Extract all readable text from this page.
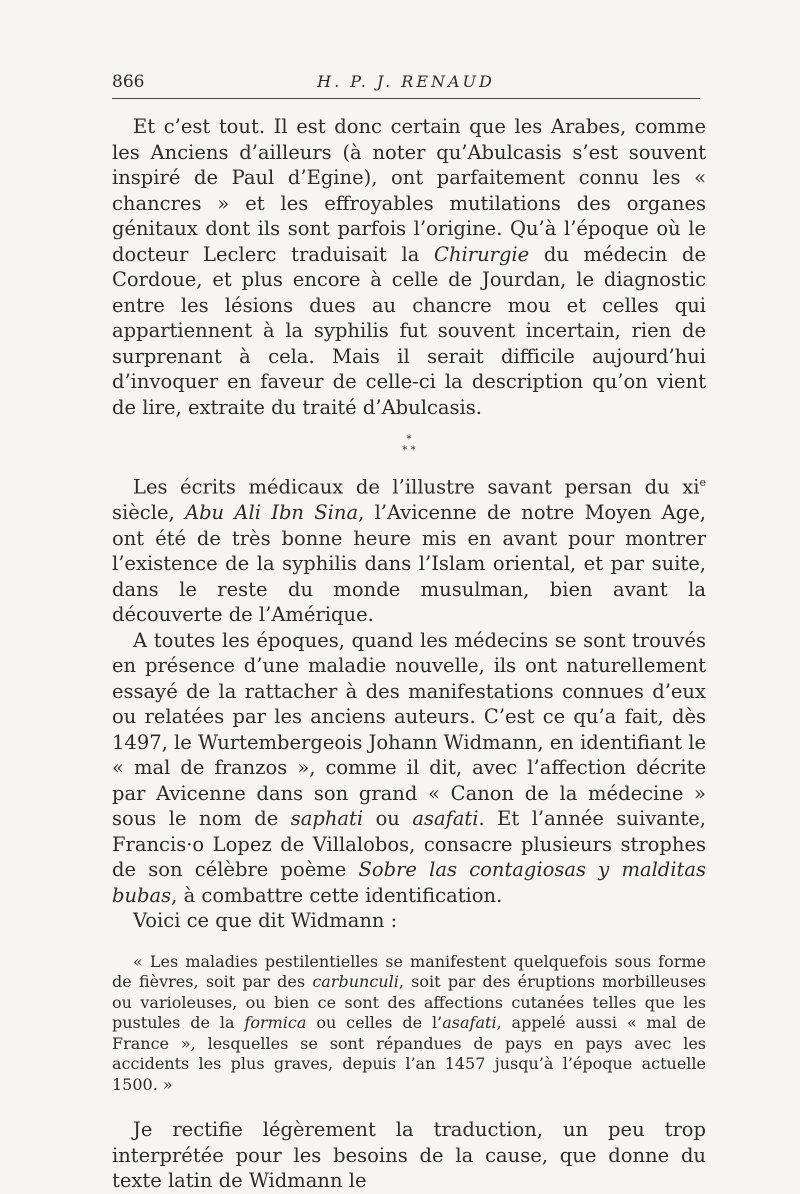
866	H. P. J. RENAUD

Et c’est tout. Il est donc certain que les Arabes, comme les Anciens d’ailleurs (à noter qu’Abulcasis s’est souvent inspiré de Paul d’Egine), ont parfaitement connu les « chancres » et les effroyables mutilations des organes génitaux dont ils sont parfois l’origine. Qu’à l’époque où le docteur Leclerc traduisait la Chirurgie du médecin de Cordoue, et plus encore à celle de Jourdan, le diagnostic entre les lésions dues au chancre mou et celles qui appartiennent à la syphilis fut souvent incertain, rien de surprenant à cela. Mais il serait difficile aujourd’hui d’invoquer en faveur de celle-ci la description qu’on vient de lire, extraite du traité d’Abulcasis.

*
* *

Les écrits médicaux de l’illustre savant persan du $xi^e$ siècle, Abu Ali Ibn Sina, l’Avicenne de notre Moyen Age, ont été de très bonne heure mis en avant pour montrer l’existence de la syphilis dans l’Islam oriental, et par suite, dans le reste du monde musulman, bien avant la découverte de l’Amérique.

A toutes les époques, quand les médecins se sont trouvés en présence d’une maladie nouvelle, ils ont naturellement essayé de la rattacher à des manifestations connues d’eux ou relatées par les anciens auteurs. C’est ce qu’a fait, dès 1497, le Wurtembergeois Johann Widmann, en identifiant le « mal de franzos », comme il dit, avec l’affection décrite par Avicenne dans son grand « Canon de la médecine » sous le nom de saphati ou asafati. Et l’année suivante, Francis·o Lopez de Villalobos, consacre plusieurs strophes de son célèbre poème Sobre las contagiosas y malditas bubas, à combattre cette identification.

Voici ce que dit Widmann :

« Les maladies pestilentielles se manifestent quelquefois sous forme de fièvres, soit par des carbunculi, soit par des éruptions morbilleuses ou varioleuses, ou bien ce sont des affections cutanées telles que les pustules de la formica ou celles de l’asafati, appelé aussi « mal de France », lesquelles se sont répandues de pays en pays avec les accidents les plus graves, depuis l’an 1457 jusqu’à l’époque actuelle 1500. »

Je rectifie légèrement la traduction, un peu trop interprétée pour les besoins de la cause, que donne du texte latin de Widmann le
